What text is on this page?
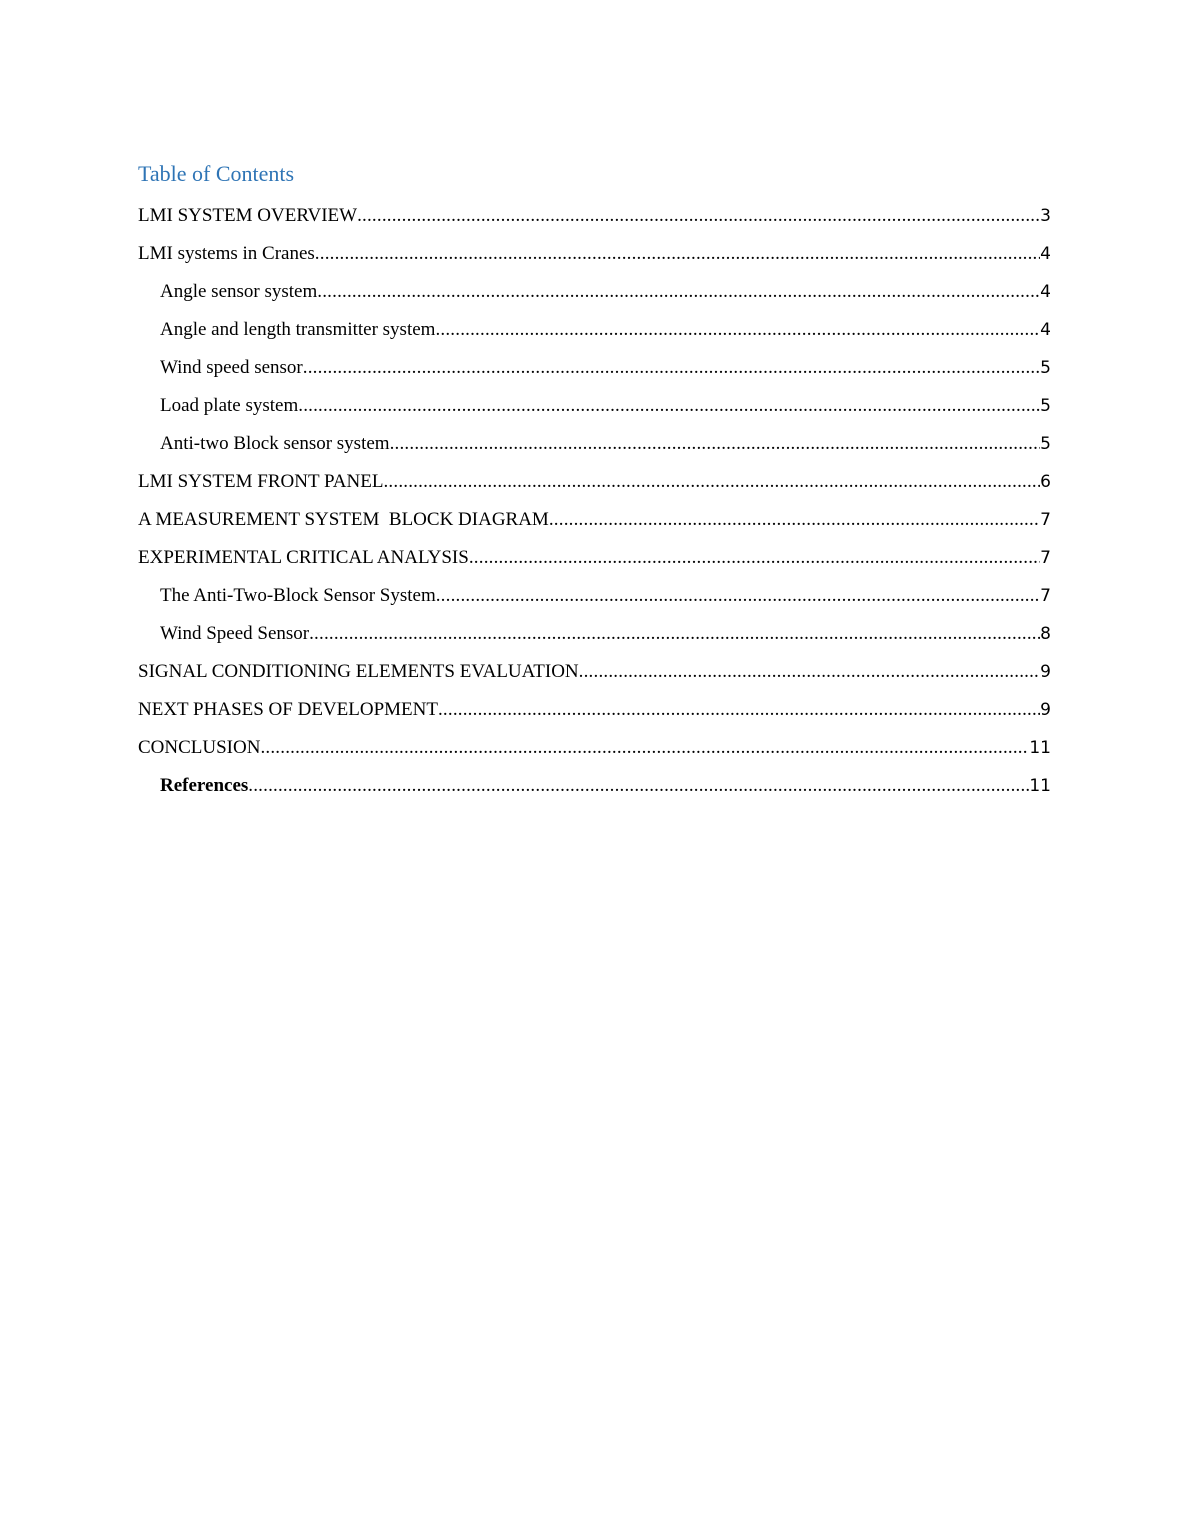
Table of Contents
LMI SYSTEM OVERVIEW .....	3
LMI systems in Cranes .....	4
Angle sensor system .....	4
Angle and length transmitter system .....	4
Wind speed sensor .....	5
Load plate system .....	5
Anti-two Block sensor system .....	5
LMI SYSTEM FRONT PANEL .....	6
A MEASUREMENT SYSTEM  BLOCK DIAGRAM .....	7
EXPERIMENTAL CRITICAL ANALYSIS .....	7
The Anti-Two-Block Sensor System .....	7
Wind Speed Sensor .....	8
SIGNAL CONDITIONING ELEMENTS EVALUATION .....	9
NEXT PHASES OF DEVELOPMENT .....	9
CONCLUSION .....	11
References .....	11
